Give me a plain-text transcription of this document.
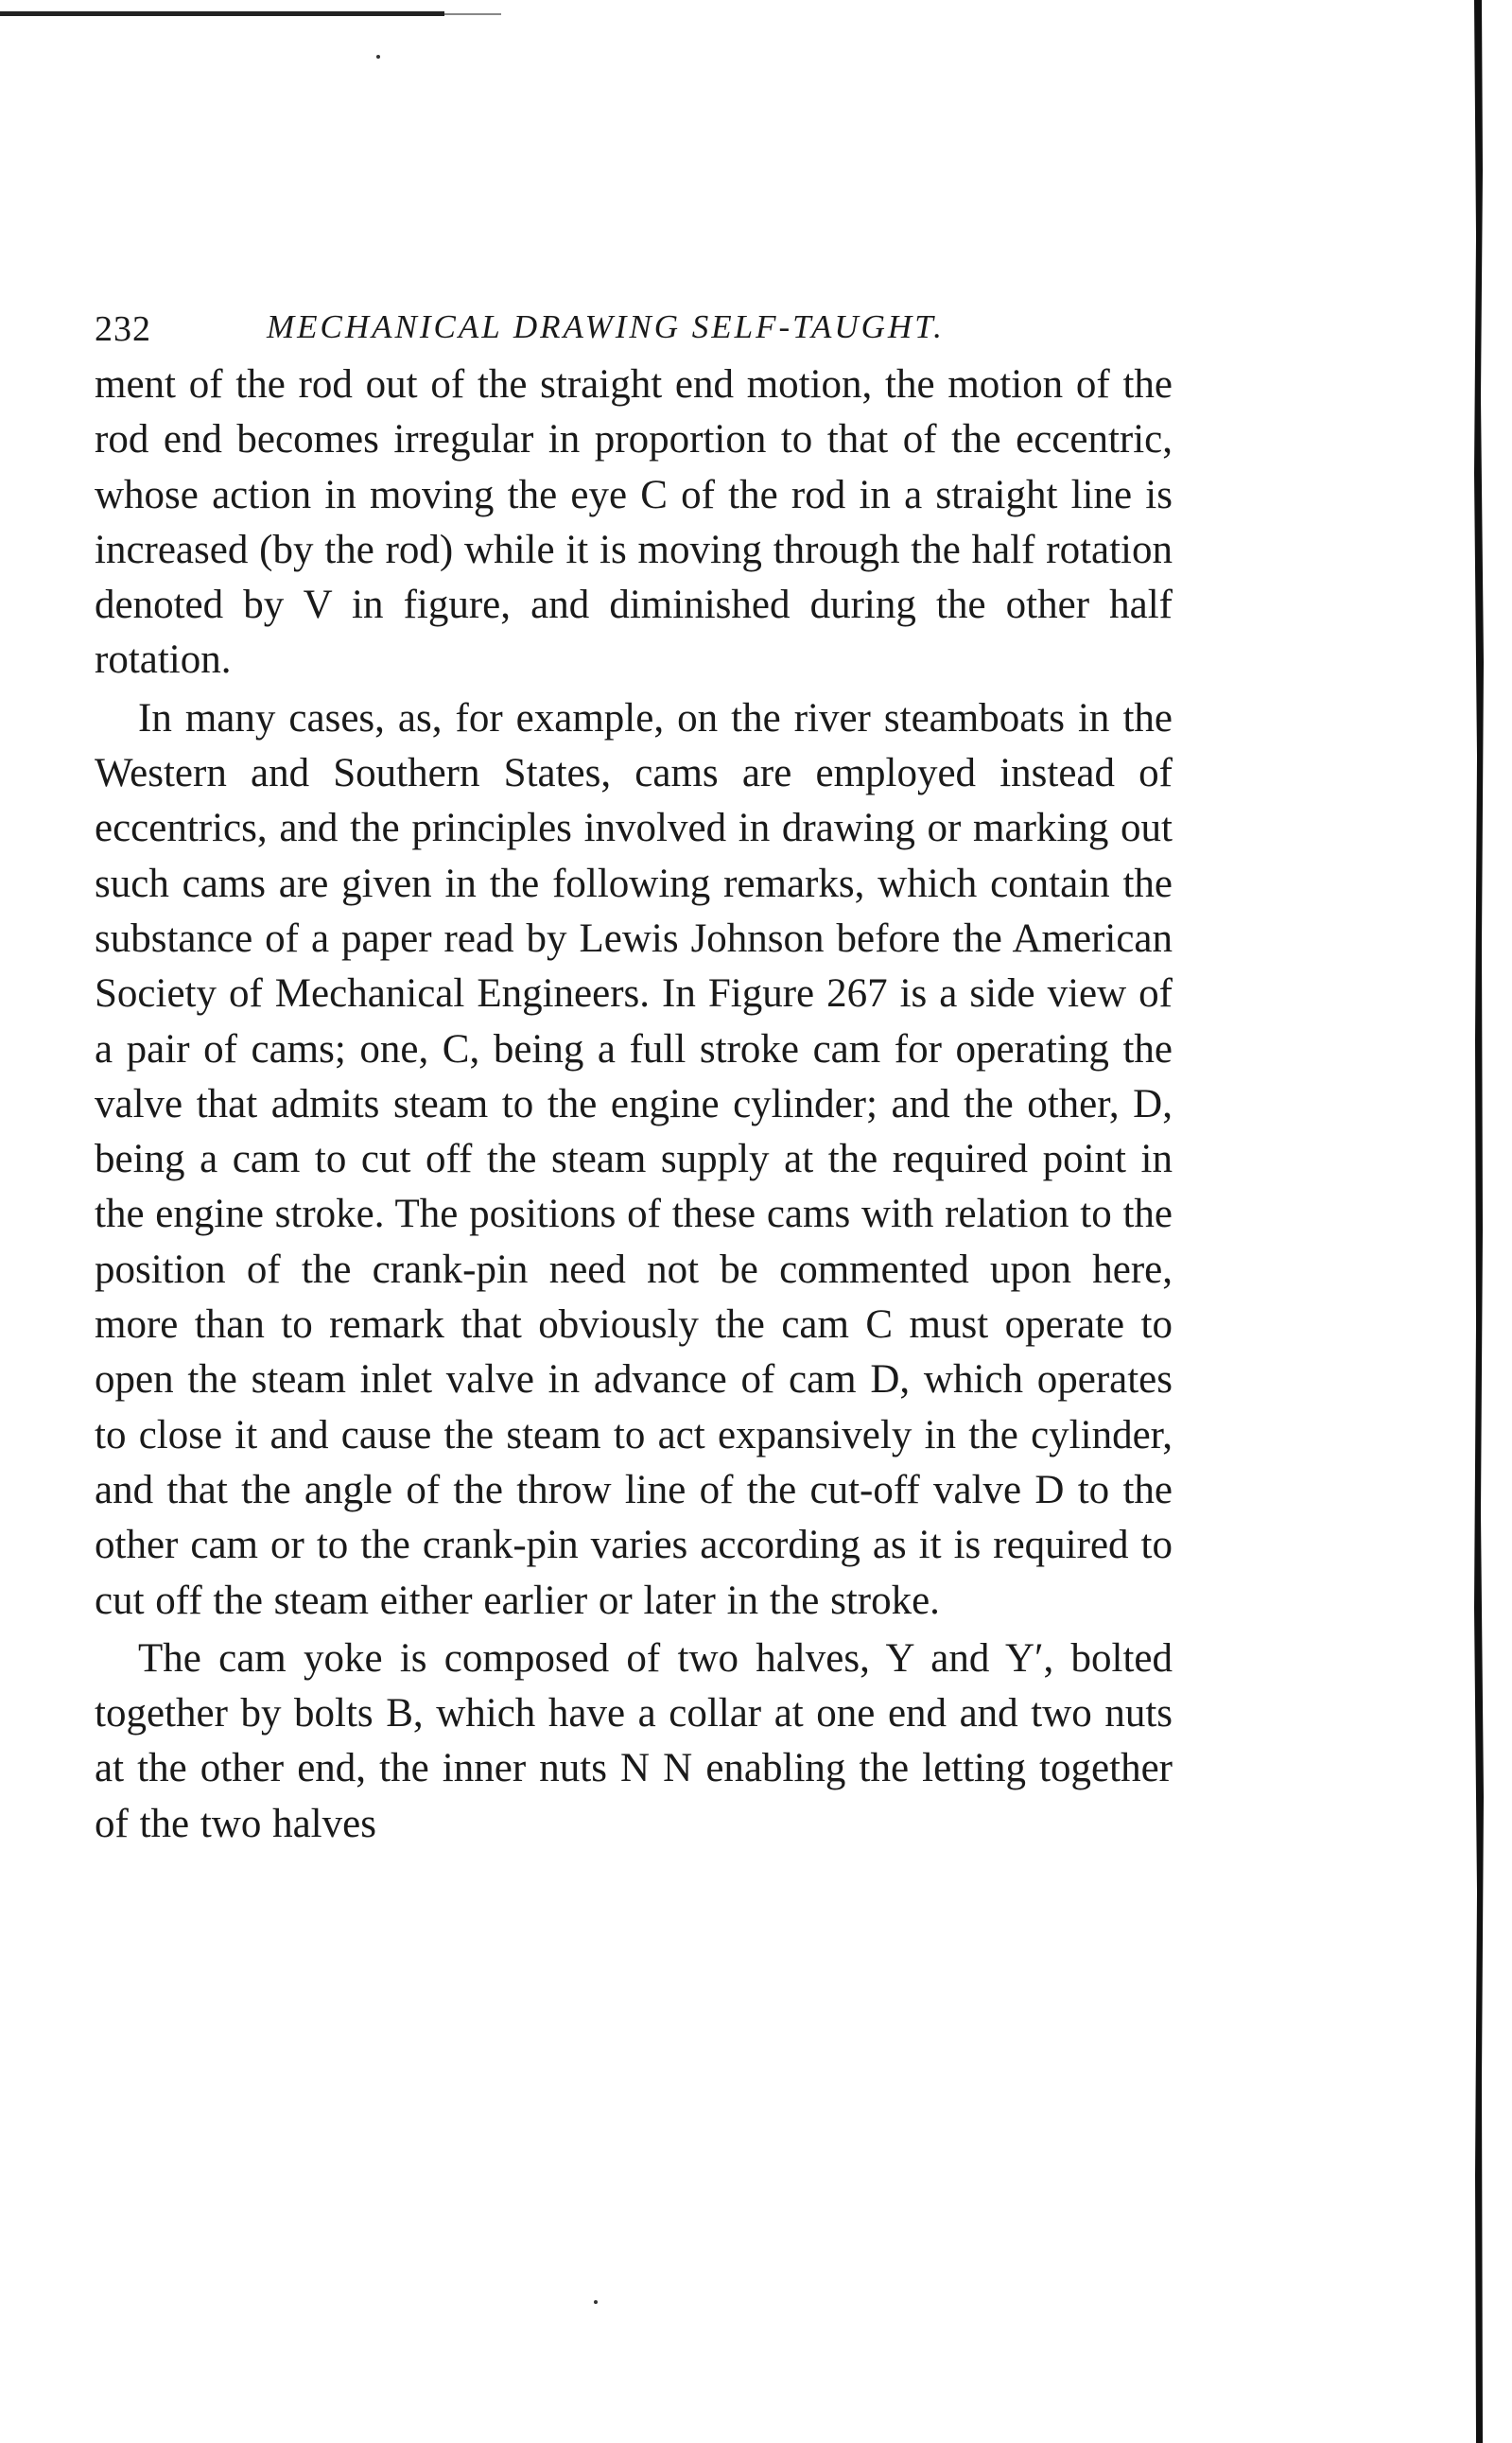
232	MECHANICAL DRAWING SELF-TAUGHT.

ment of the rod out of the straight end motion, the motion of the rod end becomes irregular in proportion to that of the eccentric, whose action in moving the eye C of the rod in a straight line is increased (by the rod) while it is moving through the half rotation denoted by V in figure, and diminished during the other half rotation.

In many cases, as, for example, on the river steamboats in the Western and Southern States, cams are employed instead of eccentrics, and the principles involved in drawing or marking out such cams are given in the following remarks, which contain the substance of a paper read by Lewis Johnson before the American Society of Mechanical Engineers. In Figure 267 is a side view of a pair of cams; one, C, being a full stroke cam for operating the valve that admits steam to the engine cylinder; and the other, D, being a cam to cut off the steam supply at the required point in the engine stroke. The positions of these cams with relation to the position of the crank-pin need not be commented upon here, more than to remark that obviously the cam C must operate to open the steam inlet valve in advance of cam D, which operates to close it and cause the steam to act expansively in the cylinder, and that the angle of the throw line of the cut-off valve D to the other cam or to the crank-pin varies according as it is required to cut off the steam either earlier or later in the stroke.

The cam yoke is composed of two halves, Y and Y′, bolted together by bolts B, which have a collar at one end and two nuts at the other end, the inner nuts N N enabling the letting together of the two halves
